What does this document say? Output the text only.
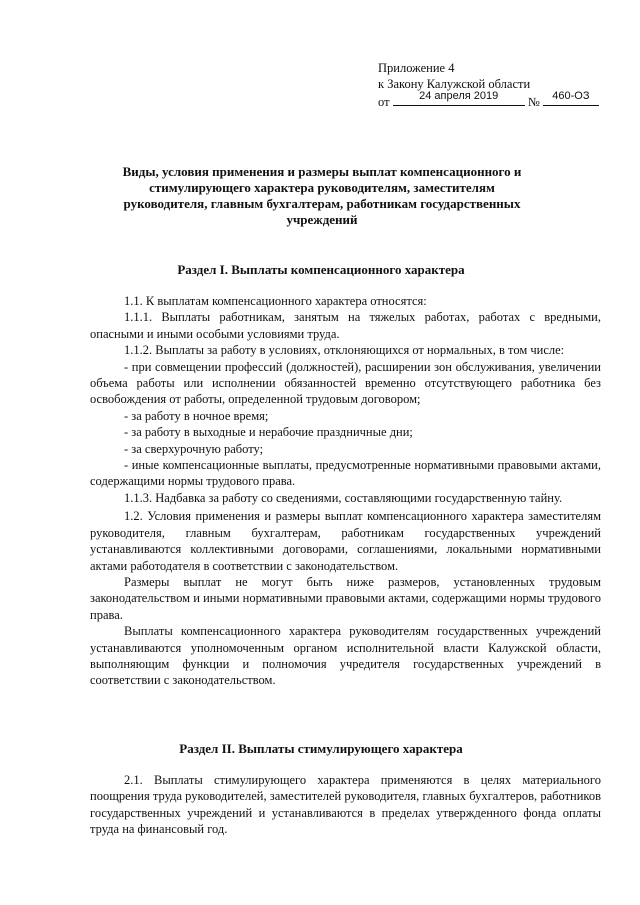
Приложение 4
к Закону Калужской области
от	24 апреля 2019	№	460-ОЗ
Виды, условия применения и размеры выплат компенсационного и стимулирующего характера руководителям, заместителям руководителя, главным бухгалтерам, работникам государственных учреждений
Раздел I. Выплаты компенсационного характера

1.1. К выплатам компенсационного характера относятся:

1.1.1. Выплаты работникам, занятым на тяжелых работах, работах с вредными, опасными и иными особыми условиями труда.

1.1.2. Выплаты за работу в условиях, отклоняющихся от нормальных, в том числе:

- при совмещении профессий (должностей), расширении зон обслуживания, увеличении объема работы или исполнении обязанностей временно отсутствующего работника без освобождения от работы, определенной трудовым договором;

- за работу в ночное время;

- за работу в выходные и нерабочие праздничные дни;

- за сверхурочную работу;

- иные компенсационные выплаты, предусмотренные нормативными правовыми актами, содержащими нормы трудового права.

1.1.3. Надбавка за работу со сведениями, составляющими государственную тайну.

1.2. Условия применения и размеры выплат компенсационного характера заместителям руководителя, главным бухгалтерам, работникам государственных учреждений устанавливаются коллективными договорами, соглашениями, локальными нормативными актами работодателя в соответствии с законодательством.

Размеры выплат не могут быть ниже размеров, установленных трудовым законодательством и иными нормативными правовыми актами, содержащими нормы трудового права.

Выплаты компенсационного характера руководителям государственных учреждений устанавливаются уполномоченным органом исполнительной власти Калужской области, выполняющим функции и полномочия учредителя государственных учреждений в соответствии с законодательством.

Раздел II. Выплаты стимулирующего характера

2.1. Выплаты стимулирующего характера применяются в целях материального поощрения труда руководителей, заместителей руководителя, главных бухгалтеров, работников государственных учреждений и устанавливаются в пределах утвержденного фонда оплаты труда на финансовый год.
